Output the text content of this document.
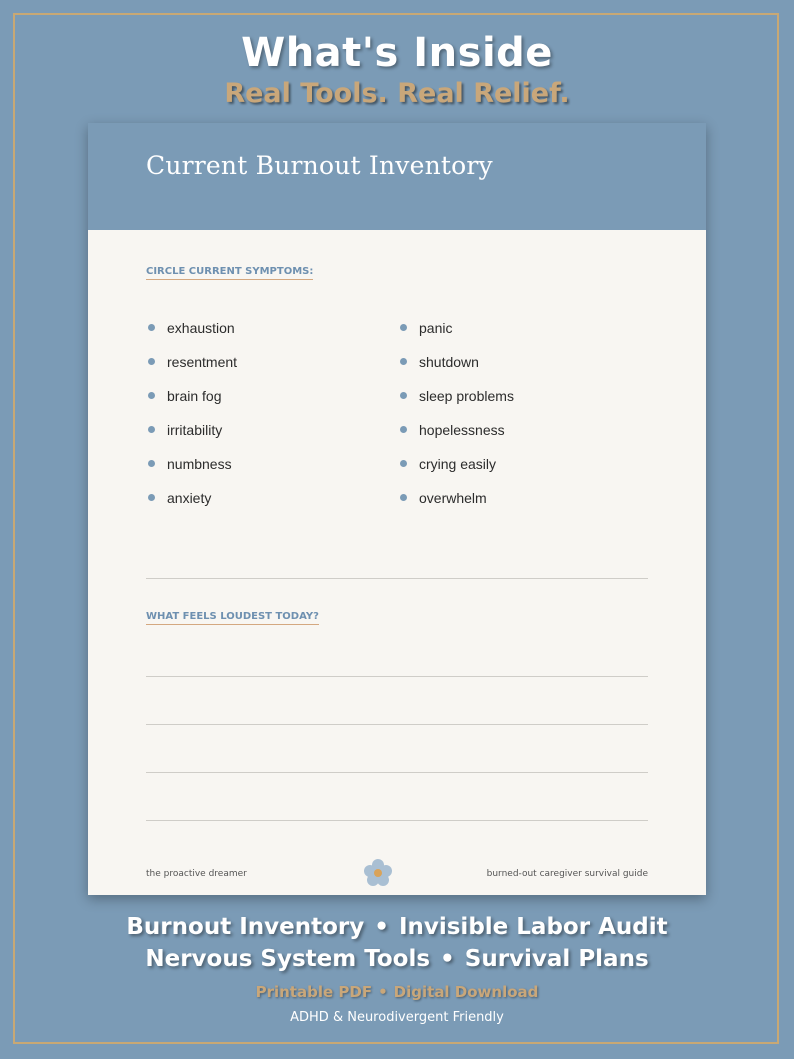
What's Inside
Real Tools. Real Relief.
Current Burnout Inventory
CIRCLE CURRENT SYMPTOMS:
exhaustion
resentment
brain fog
irritability
numbness
anxiety
panic
shutdown
sleep problems
hopelessness
crying easily
overwhelm
WHAT FEELS LOUDEST TODAY?
the proactive dreamer	burned-out caregiver survival guide
Burnout Inventory • Invisible Labor Audit
Nervous System Tools • Survival Plans
Printable PDF • Digital Download
ADHD & Neurodivergent Friendly
